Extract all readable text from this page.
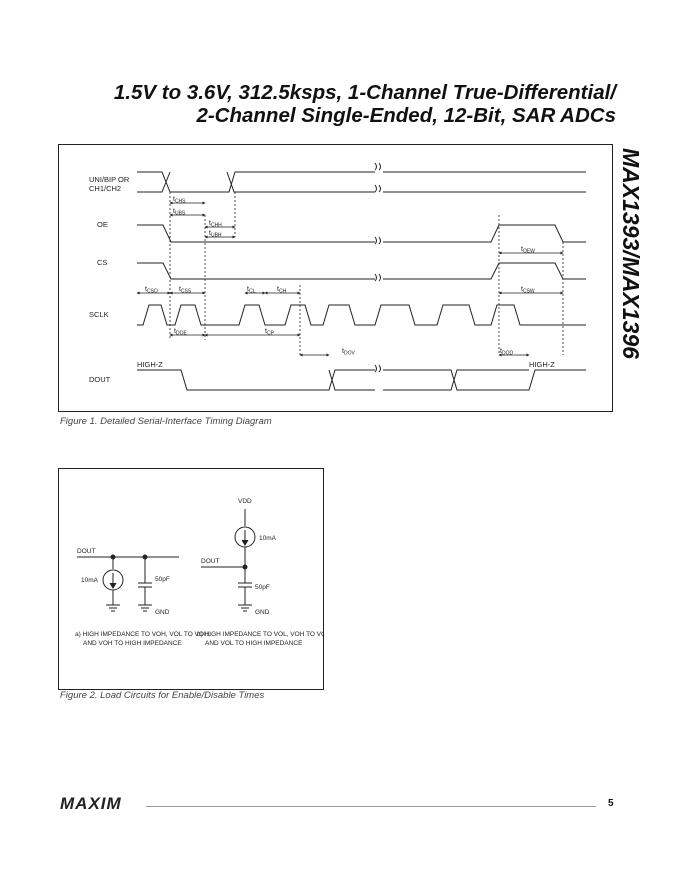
1.5V to 3.6V, 312.5ksps, 1-Channel True-Differential/
2-Channel Single-Ended, 12-Bit, SAR ADCs
MAX1393/MAX1396
UNI/BIP OR
CH1/CH2
OE
CS
SCLK
DOUT
HIGH-Z	HIGH-Z
$t_{CHS}$
$t_{UBS}$
$t_{CHH}$
$t_{UBH}$
$t_{CSO}$	$t_{CSS}$	$t_{CL}$	$t_{CH}$	$t_{CSW}$
$t_{OEW}$
$t_{DOE}$	$t_{CP}$
$t_{DOV}$	$t_{DOD}$
Figure 1. Detailed Serial-Interface Timing Diagram
DOUT
10mA	50pF
GND
a) HIGH IMPEDANCE TO VOH, VOL TO VOH,
AND VOH TO HIGH IMPEDANCE
VDD
10mA
DOUT
50pF
GND
b) HIGH IMPEDANCE TO VOL, VOH TO VOL,
AND VOL TO HIGH IMPEDANCE
Figure 2. Load Circuits for Enable/Disable Times
MAXIM	5
